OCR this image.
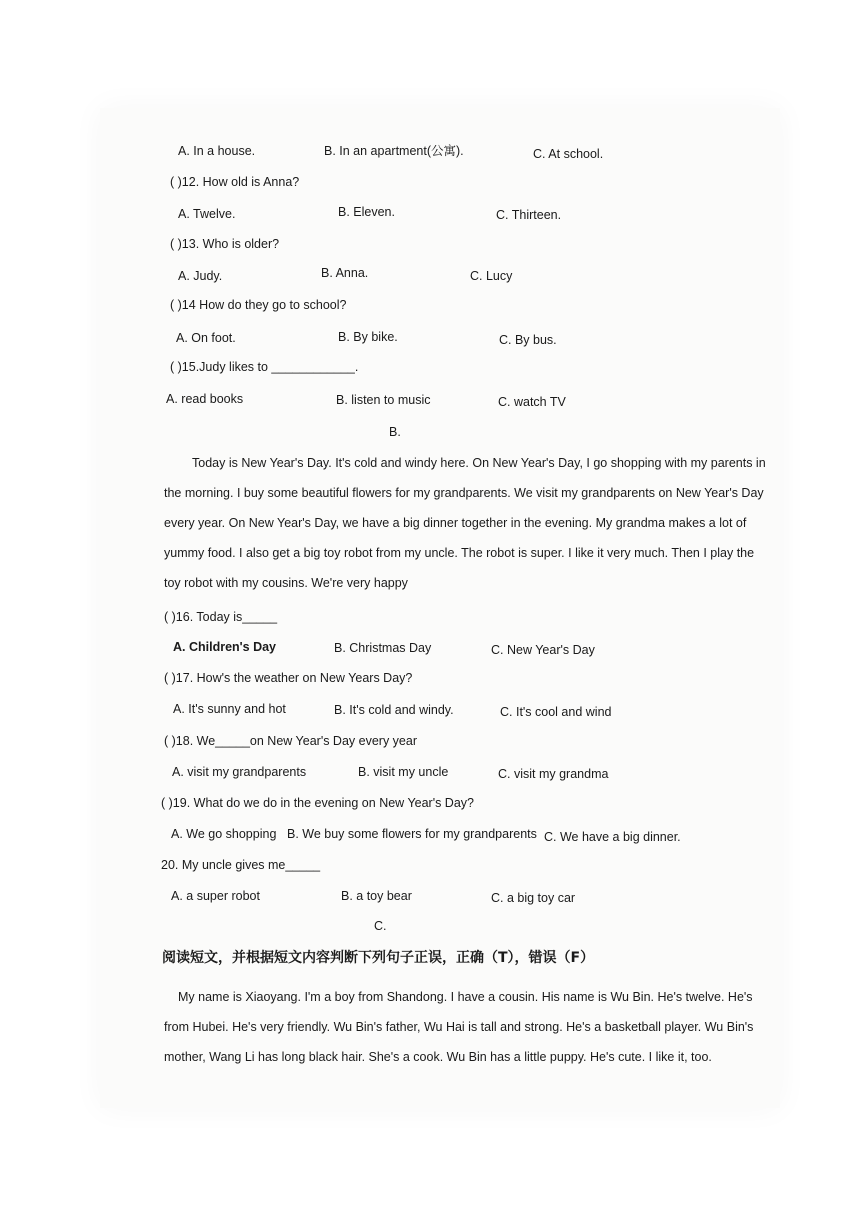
A. In a house.	B. In an apartment(公寓).	C. At school.
( )12. How old is Anna?
A. Twelve.	B. Eleven.	C. Thirteen.
( )13. Who is older?
A. Judy.	B. Anna.	C. Lucy
( )14 How do they go to school?
A. On foot.	B. By bike.	C. By bus.
( )15.Judy likes to ____________.
A. read books	B. listen to music	C. watch TV
B.
Today is New Year's Day. It's cold and windy here. On New Year's Day, I go shopping with my parents in the morning. I buy some beautiful flowers for my grandparents. We visit my grandparents on New Year's Day every year. On New Year's Day, we have a big dinner together in the evening. My grandma makes a lot of yummy food. I also get a big toy robot from my uncle. The robot is super. I like it very much. Then I play the toy robot with my cousins. We're very happy
( )16. Today is_____
A. Children's Day	B. Christmas Day	C. New Year's Day
( )17. How's the weather on New Years Day?
A. It's sunny and hot	B. It's cold and windy.	C. It's cool and wind
( )18. We_____on New Year's Day every year
A. visit my grandparents	B. visit my uncle	C. visit my grandma
( )19. What do we do in the evening on New Year's Day?
A. We go shopping B. We buy some flowers for my grandparents C. We have a big dinner.
20. My uncle gives me_____
A. a super robot	B. a toy bear	C. a big toy car
C.
阅读短文，并根据短文内容判断下列句子正误，正确（T），错误（F）
My name is Xiaoyang. I'm a boy from Shandong. I have a cousin. His name is Wu Bin. He's twelve. He's from Hubei. He's very friendly. Wu Bin's father, Wu Hai is tall and strong. He's a basketball player. Wu Bin's mother, Wang Li has long black hair. She's a cook. Wu Bin has a little puppy. He's cute. I like it, too.
